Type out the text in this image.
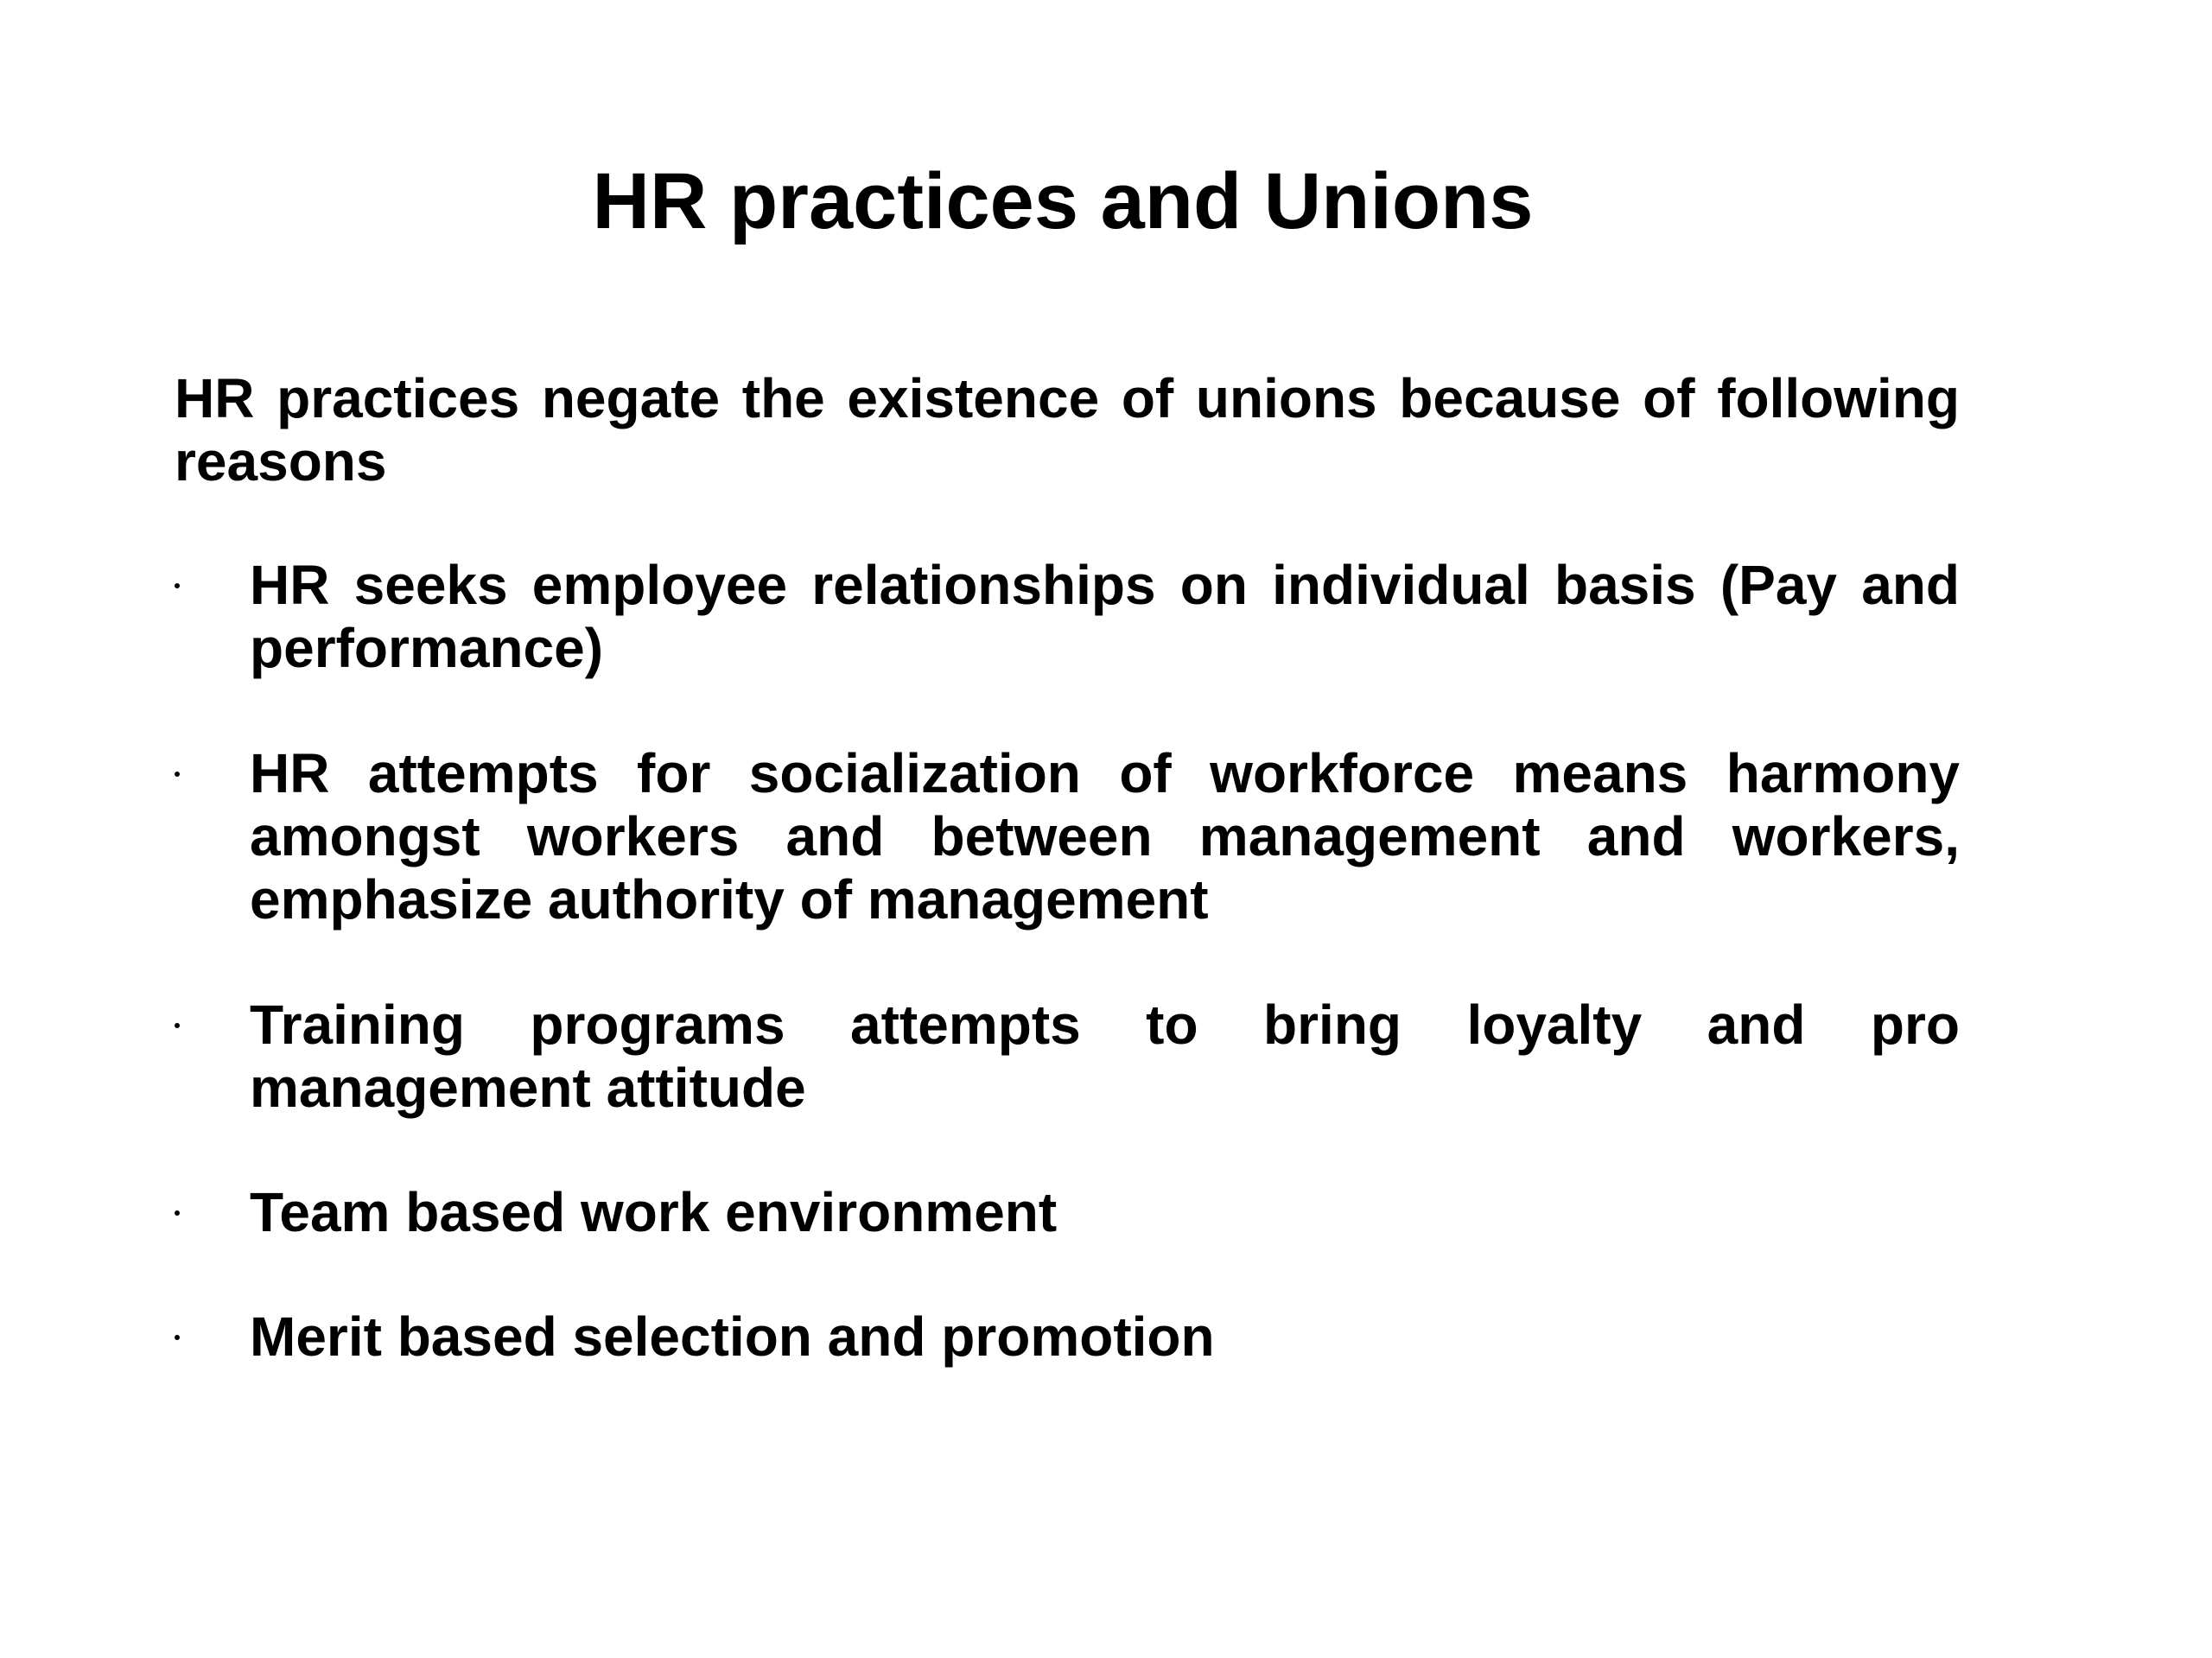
HR practices and Unions

HR practices negate the existence of unions because of following reasons

HR seeks employee relationships on individual basis (Pay and performance)
HR attempts for socialization of workforce means harmony amongst workers and between management and workers, emphasize authority of management
Training programs attempts to bring loyalty and pro management attitude
Team based work environment
Merit based selection and promotion
